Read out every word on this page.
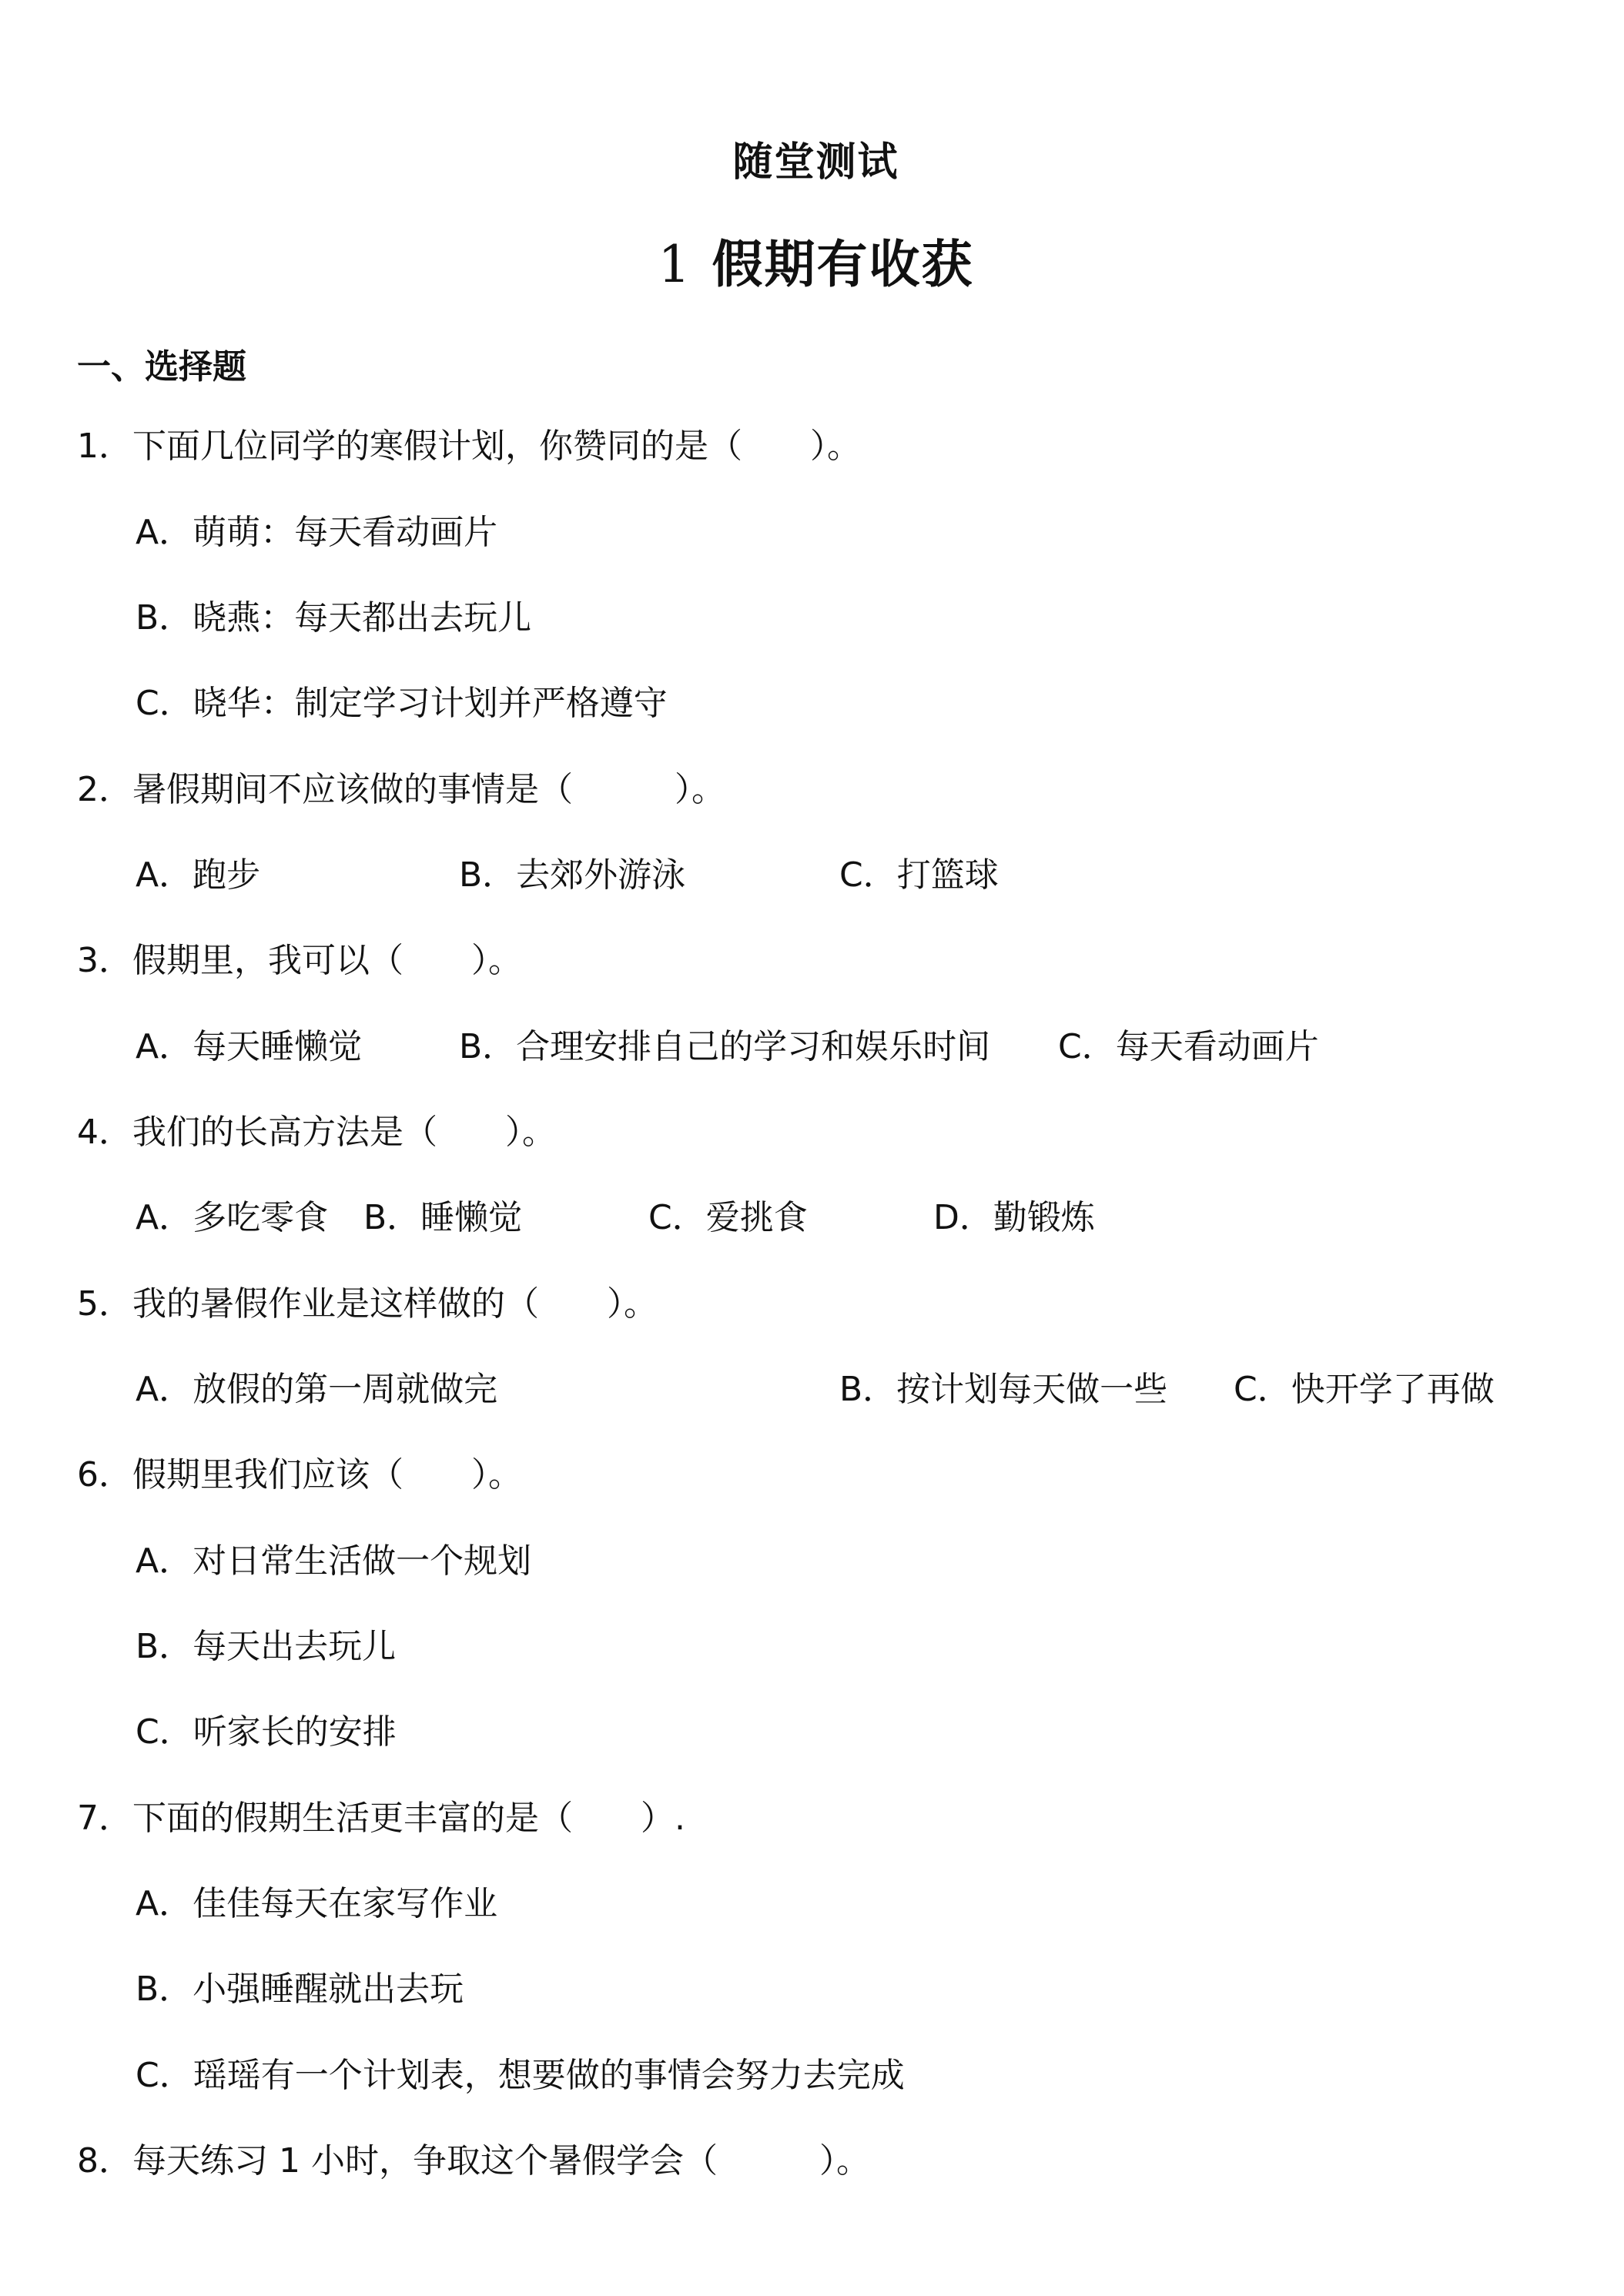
随堂测试
1 假期有收获
一、选择题
1．下面几位同学的寒假计划，你赞同的是（　　）。
A．萌萌：每天看动画片
B．晓燕：每天都出去玩儿
C．晓华：制定学习计划并严格遵守
2．暑假期间不应该做的事情是（　　　）。
A．跑步	B．去郊外游泳	C．打篮球
3．假期里，我可以（　　）。
A．每天睡懒觉	B．合理安排自己的学习和娱乐时间 C．每天看动画片
4．我们的长高方法是（　　）。
A．多吃零食 B．睡懒觉	C．爱挑食	D．勤锻炼
5．我的暑假作业是这样做的（　　）。
A．放假的第一周就做完	B．按计划每天做一些 C．快开学了再做
6．假期里我们应该（　　）。
A．对日常生活做一个规划
B．每天出去玩儿
C．听家长的安排
7．下面的假期生活更丰富的是（　　）.
A．佳佳每天在家写作业
B．小强睡醒就出去玩
C．瑶瑶有一个计划表，想要做的事情会努力去完成
8．每天练习 1 小时，争取这个暑假学会（　　　）。
